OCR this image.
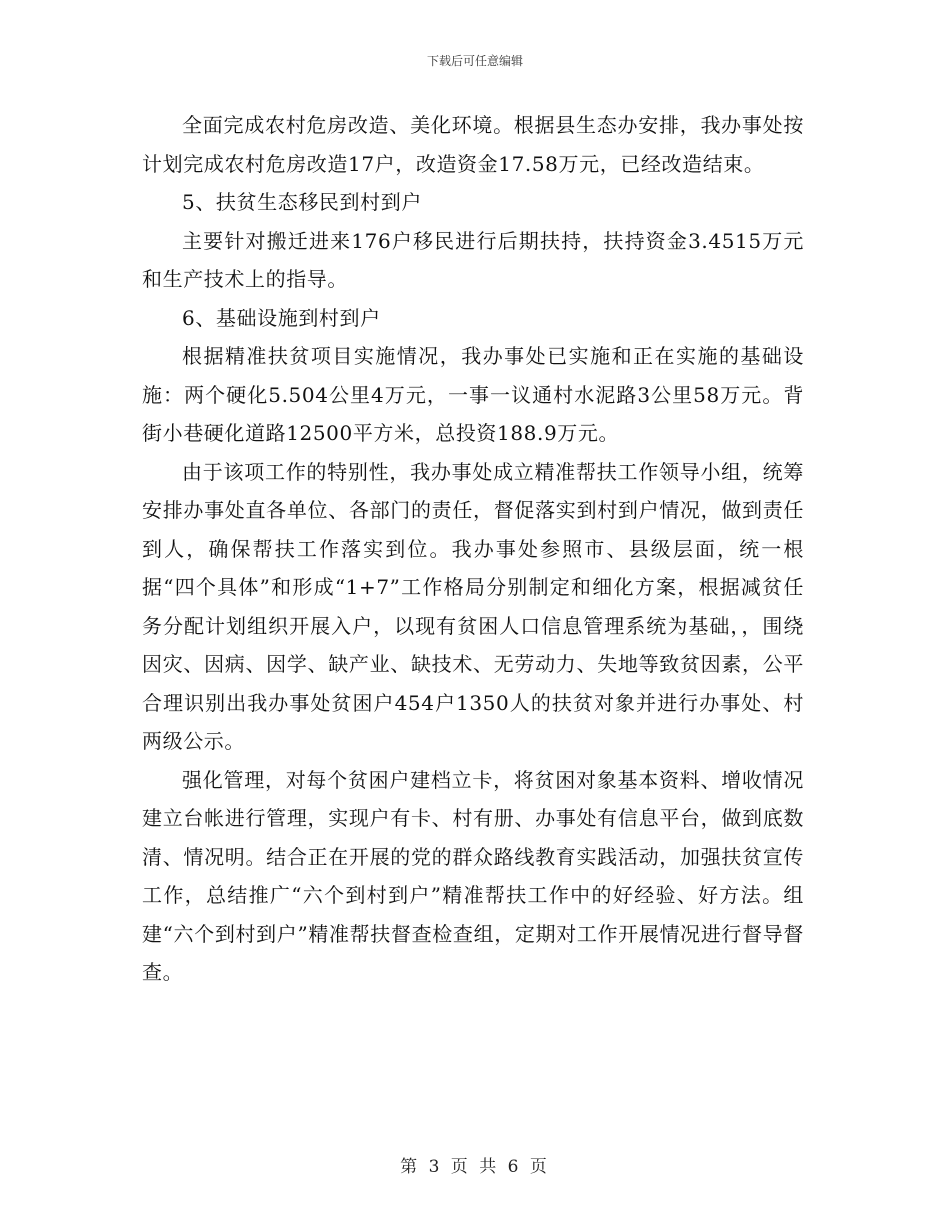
下载后可任意编辑

全面完成农村危房改造、美化环境。根据县生态办安排，我办事处按计划完成农村危房改造17户，改造资金17.58万元，已经改造结束。

5、扶贫生态移民到村到户

主要针对搬迁进来176户移民进行后期扶持，扶持资金3.4515万元和生产技术上的指导。

6、基础设施到村到户

根据精准扶贫项目实施情况，我办事处已实施和正在实施的基础设施：两个硬化5.504公里4万元，一事一议通村水泥路3公里58万元。背街小巷硬化道路12500平方米，总投资188.9万元。

由于该项工作的特别性，我办事处成立精准帮扶工作领导小组，统筹安排办事处直各单位、各部门的责任，督促落实到村到户情况，做到责任到人，确保帮扶工作落实到位。我办事处参照市、县级层面，统一根据“四个具体”和形成“1+7”工作格局分别制定和细化方案，根据减贫任务分配计划组织开展入户，以现有贫困人口信息管理系统为基础，，围绕因灾、因病、因学、缺产业、缺技术、无劳动力、失地等致贫因素，公平合理识别出我办事处贫困户454户1350人的扶贫对象并进行办事处、村两级公示。

强化管理，对每个贫困户建档立卡，将贫困对象基本资料、增收情况建立台帐进行管理，实现户有卡、村有册、办事处有信息平台，做到底数清、情况明。结合正在开展的党的群众路线教育实践活动，加强扶贫宣传工作，总结推广“六个到村到户”精准帮扶工作中的好经验、好方法。组建“六个到村到户”精准帮扶督查检查组，定期对工作开展情况进行督导督查。

第 3 页 共 6 页
